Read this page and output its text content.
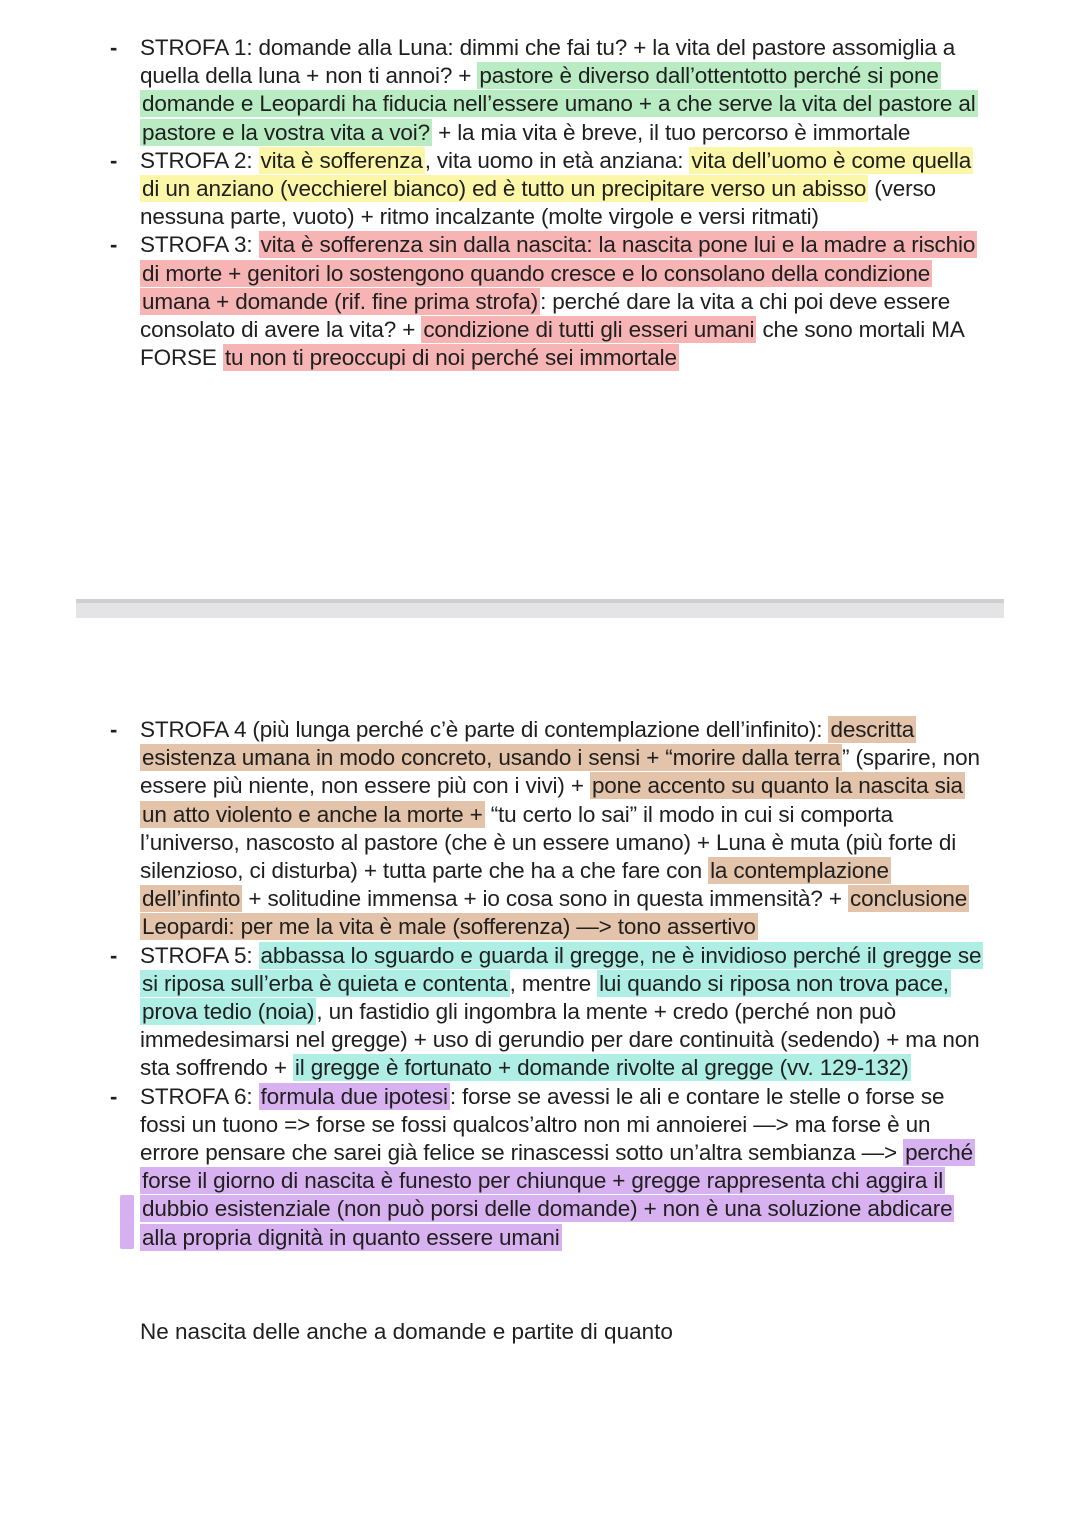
- STROFA 1: domande alla Luna: dimmi che fai tu? + la vita del pastore assomiglia a quella della luna + non ti annoi? + pastore è diverso dall’ottentotto perché si pone domande e Leopardi ha fiducia nell’essere umano + a che serve la vita del pastore al pastore e la vostra vita a voi? + la mia vita è breve, il tuo percorso è immortale
- STROFA 2: vita è sofferenza, vita uomo in età anziana: vita dell’uomo è come quella di un anziano (vecchierel bianco) ed è tutto un precipitare verso un abisso (verso nessuna parte, vuoto) + ritmo incalzante (molte virgole e versi ritmati)
- STROFA 3: vita è sofferenza sin dalla nascita: la nascita pone lui e la madre a rischio di morte + genitori lo sostengono quando cresce e lo consolano della condizione umana + domande (rif. fine prima strofa): perché dare la vita a chi poi deve essere consolato di avere la vita? + condizione di tutti gli esseri umani che sono mortali MA FORSE tu non ti preoccupi di noi perché sei immortale
- STROFA 4 (più lunga perché c’è parte di contemplazione dell’infinito): descritta esistenza umana in modo concreto, usando i sensi + “morire dalla terra” (sparire, non essere più niente, non essere più con i vivi) + pone accento su quanto la nascita sia un atto violento e anche la morte + “tu certo lo sai” il modo in cui si comporta l’universo, nascosto al pastore (che è un essere umano) + Luna è muta (più forte di silenzioso, ci disturba) + tutta parte che ha a che fare con la contemplazione dell’infinto + solitudine immensa + io cosa sono in questa immensità? + conclusione Leopardi: per me la vita è male (sofferenza) —> tono assertivo
- STROFA 5: abbassa lo sguardo e guarda il gregge, ne è invidioso perché il gregge se si riposa sull’erba è quieta e contenta, mentre lui quando si riposa non trova pace, prova tedio (noia), un fastidio gli ingombra la mente + credo (perché non può immedesimarsi nel gregge) + uso di gerundio per dare continuità (sedendo) + ma non sta soffrendo + il gregge è fortunato + domande rivolte al gregge (vv. 129-132)
- STROFA 6: formula due ipotesi: forse se avessi le ali e contare le stelle o forse se fossi un tuono => forse se fossi qualcos’altro non mi annoierei —> ma forse è un errore pensare che sarei già felice se rinascessi sotto un’altra sembianza —> perché forse il giorno di nascita è funesto per chiunque + gregge rappresenta chi aggira il dubbio esistenziale (non può porsi delle domande) + non è una soluzione abdicare alla propria dignità in quanto essere umani
Ne nascita delle anche a domande e partite di quanto
